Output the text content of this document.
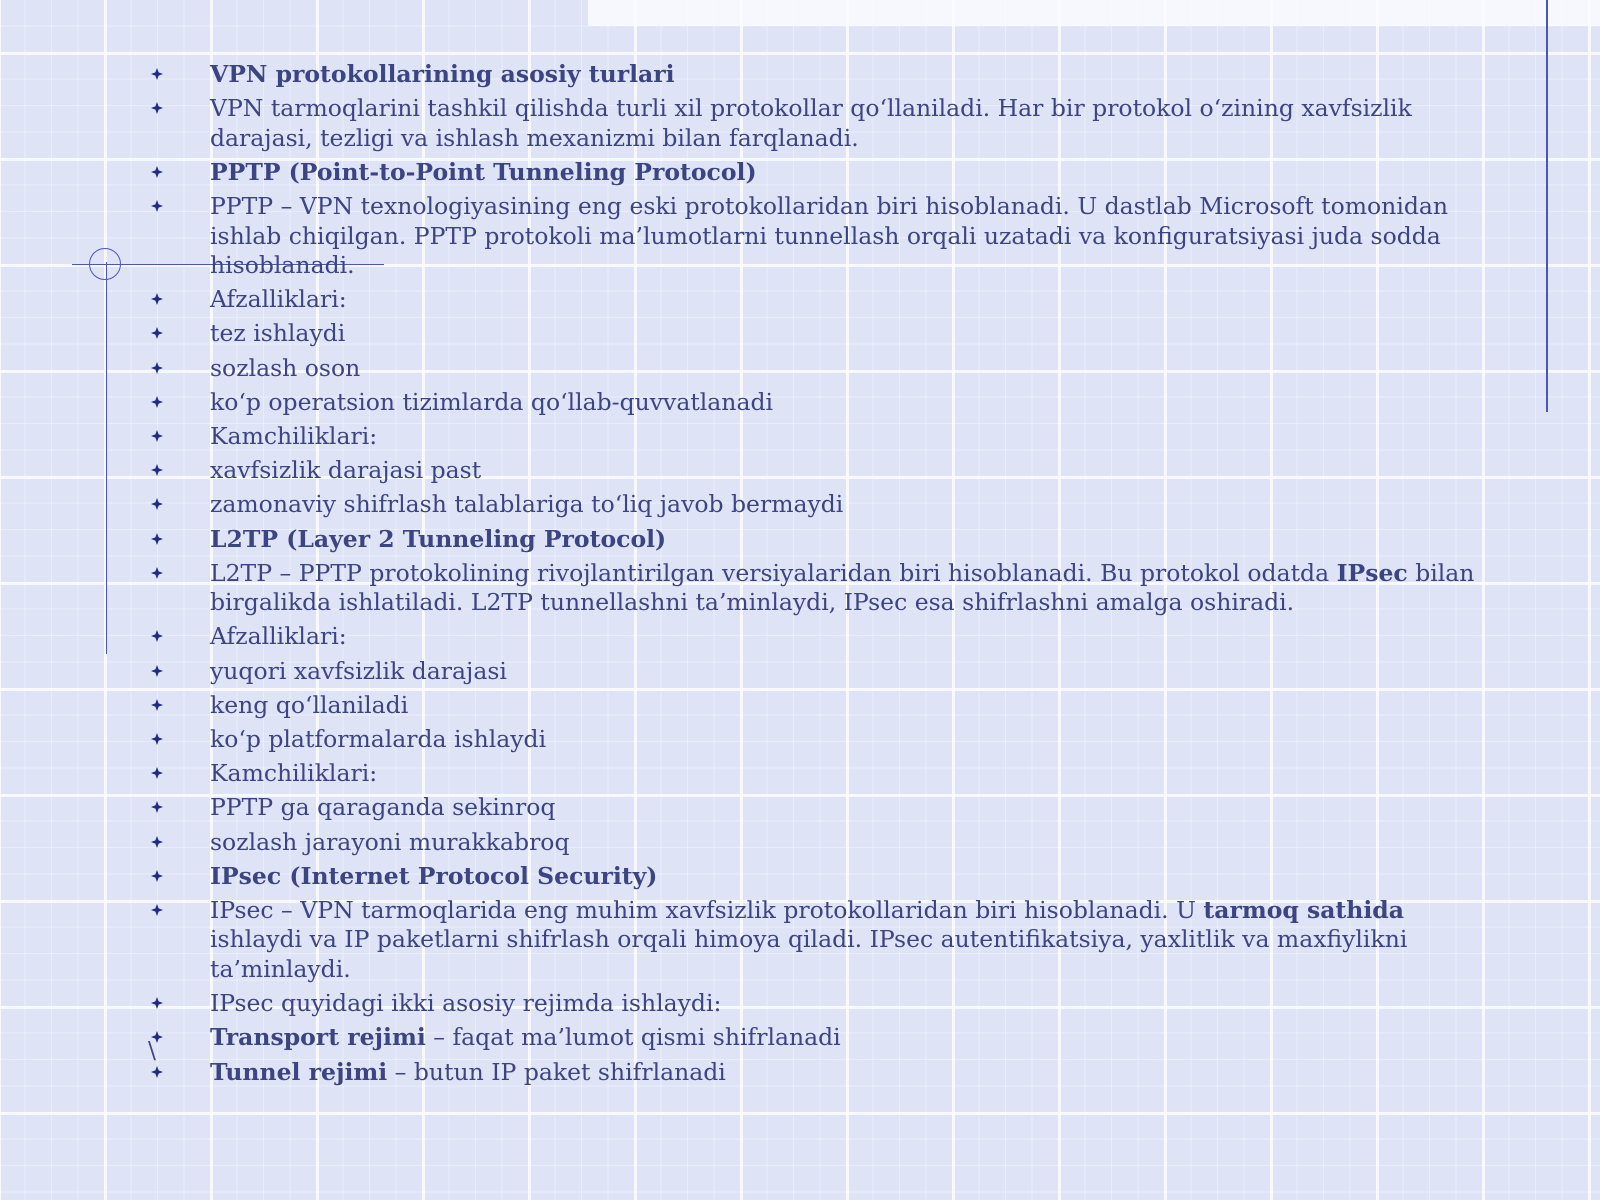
VPN protokollarining asosiy turlari
VPN tarmoqlarini tashkil qilishda turli xil protokollar qo‘llaniladi. Har bir protokol o‘zining xavfsizlik darajasi, tezligi va ishlash mexanizmi bilan farqlanadi.
PPTP (Point-to-Point Tunneling Protocol)
PPTP – VPN texnologiyasining eng eski protokollaridan biri hisoblanadi. U dastlab Microsoft tomonidan ishlab chiqilgan. PPTP protokoli ma’lumotlarni tunnellash orqali uzatadi va konfiguratsiyasi juda sodda hisoblanadi.
Afzalliklari:
tez ishlaydi
sozlash oson
ko‘p operatsion tizimlarda qo‘llab-quvvatlanadi
Kamchiliklari:
xavfsizlik darajasi past
zamonaviy shifrlash talablariga to‘liq javob bermaydi
L2TP (Layer 2 Tunneling Protocol)
L2TP – PPTP protokolining rivojlantirilgan versiyalaridan biri hisoblanadi. Bu protokol odatda IPsec bilan birgalikda ishlatiladi. L2TP tunnellashni ta’minlaydi, IPsec esa shifrlashni amalga oshiradi.
Afzalliklari:
yuqori xavfsizlik darajasi
keng qo‘llaniladi
ko‘p platformalarda ishlaydi
Kamchiliklari:
PPTP ga qaraganda sekinroq
sozlash jarayoni murakkabroq
IPsec (Internet Protocol Security)
IPsec – VPN tarmoqlarida eng muhim xavfsizlik protokollaridan biri hisoblanadi. U tarmoq sathida ishlaydi va IP paketlarni shifrlash orqali himoya qiladi. IPsec autentifikatsiya, yaxlitlik va maxfiylikni ta’minlaydi.
IPsec quyidagi ikki asosiy rejimda ishlaydi:
Transport rejimi – faqat ma’lumot qismi shifrlanadi
Tunnel rejimi – butun IP paket shifrlanadi
\
